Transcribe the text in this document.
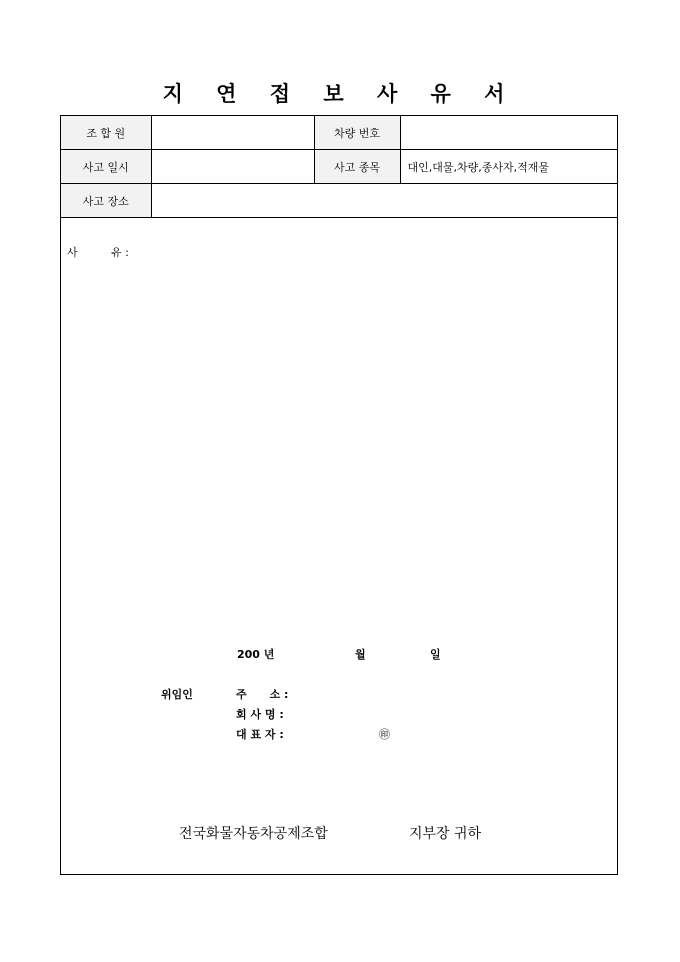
지 연 접 보 사 유 서
조 합 원		차량 번호	
사고 일시		사고 종목	대인,대물,차량,종사자,적재물
사고 장소			
사	유 :
200 년	월	일
위임인	주      소 :
회 사 명 :
대 표 자 :	㊞
전국화물자동차공제조합	지부장 귀하
